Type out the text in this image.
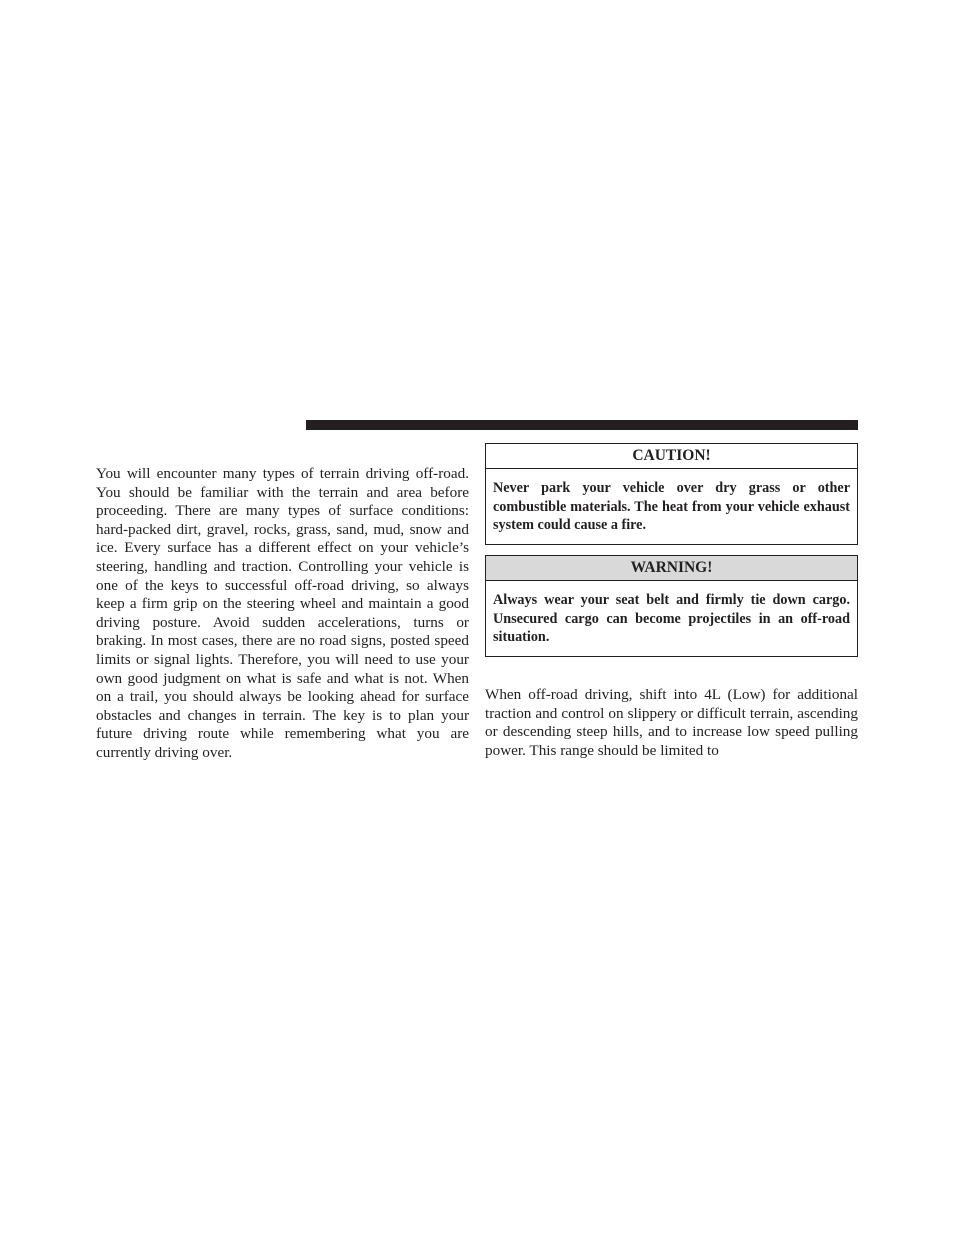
You will encounter many types of terrain driving off-road. You should be familiar with the terrain and area before proceeding. There are many types of surface conditions: hard-packed dirt, gravel, rocks, grass, sand, mud, snow and ice. Every surface has a different effect on your vehicle’s steering, handling and traction. Controlling your vehicle is one of the keys to successful off-road driving, so always keep a firm grip on the steering wheel and maintain a good driving posture. Avoid sudden accelerations, turns or braking. In most cases, there are no road signs, posted speed limits or signal lights. Therefore, you will need to use your own good judgment on what is safe and what is not. When on a trail, you should always be looking ahead for surface obstacles and changes in terrain. The key is to plan your future driving route while remembering what you are currently driving over.

CAUTION!
Never park your vehicle over dry grass or other combustible materials. The heat from your vehicle exhaust system could cause a fire.
WARNING!
Always wear your seat belt and firmly tie down cargo. Unsecured cargo can become projectiles in an off-road situation.

When off-road driving, shift into 4L (Low) for additional traction and control on slippery or difficult terrain, ascending or descending steep hills, and to increase low speed pulling power. This range should be limited to
